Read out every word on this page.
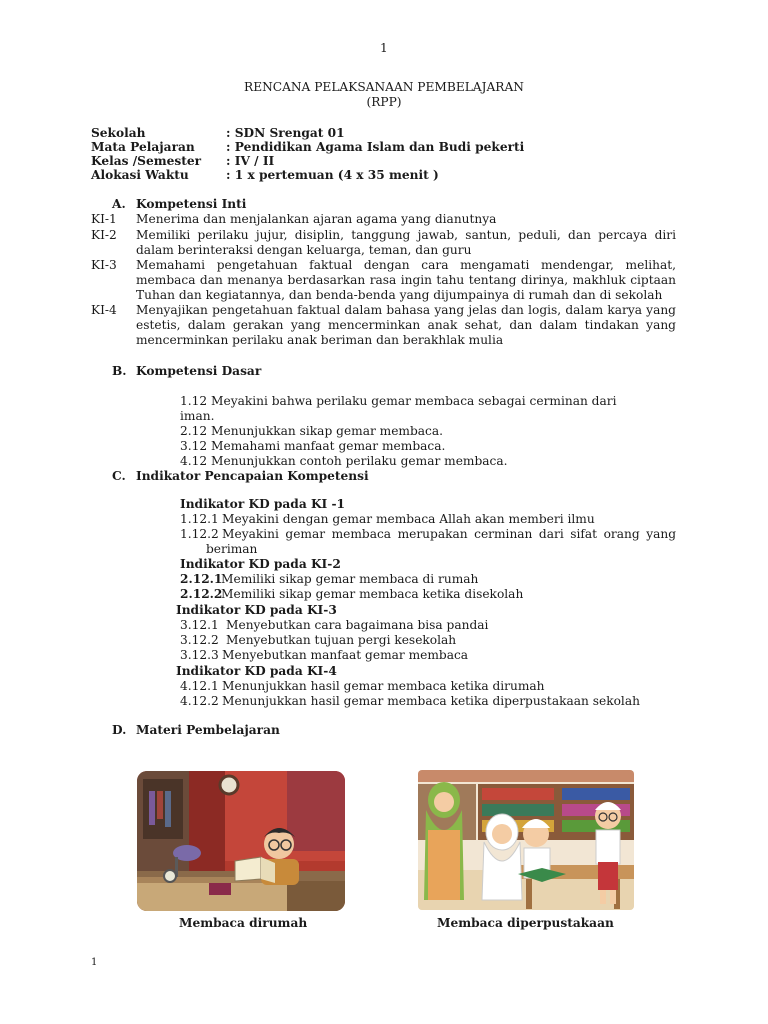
1
RENCANA PELAKSANAAN PEMBELAJARAN
(RPP)
Sekolah	: SDN Srengat 01
Mata Pelajaran	: Pendidikan Agama Islam dan Budi pekerti
Kelas /Semester : IV / II
Alokasi Waktu	: 1 x pertemuan (4 x 35 menit )
A. Kompetensi Inti
KI-1 Menerima dan menjalankan ajaran agama yang dianutnya
KI-2 Memiliki perilaku jujur, disiplin, tanggung jawab, santun, peduli, dan percaya diri dalam berinteraksi dengan keluarga, teman, dan guru
KI-3 Memahami pengetahuan faktual dengan cara mengamati mendengar, melihat, membaca dan menanya berdasarkan rasa ingin tahu tentang dirinya, makhluk ciptaan Tuhan dan kegiatannya, dan benda-benda yang dijumpainya di rumah dan di sekolah
KI-4 Menyajikan pengetahuan faktual dalam bahasa yang jelas dan logis, dalam karya yang estetis, dalam gerakan yang mencerminkan anak sehat, dan dalam tindakan yang mencerminkan perilaku anak beriman dan berakhlak mulia
B. Kompetensi Dasar
1.12 Meyakini bahwa perilaku gemar membaca sebagai cerminan dari
iman.
2.12 Menunjukkan sikap gemar membaca.
3.12 Memahami manfaat gemar membaca.
4.12 Menunjukkan contoh perilaku gemar membaca.
C. Indikator Pencapaian Kompetensi
Indikator KD pada KI -1
1.12.1 Meyakini dengan gemar membaca Allah akan memberi ilmu
1.12.2 Meyakini gemar membaca merupakan cerminan dari sifat orang yang
beriman
Indikator KD pada KI-2
2.12.1
Memiliki sikap gemar membaca di rumah
2.12.2
Memiliki sikap gemar membaca ketika disekolah
Indikator KD pada KI-3
3.12.1 Menyebutkan cara bagaimana bisa pandai
3.12.2 Menyebutkan tujuan pergi kesekolah
3.12.3 Menyebutkan manfaat gemar membaca
Indikator KD pada KI-4
4.12.1 Menunjukkan hasil gemar membaca ketika dirumah
4.12.2 Menunjukkan hasil gemar membaca ketika diperpustakaan sekolah
D. Materi Pembelajaran
Membaca dirumah	Membaca diperpustakaan
1
